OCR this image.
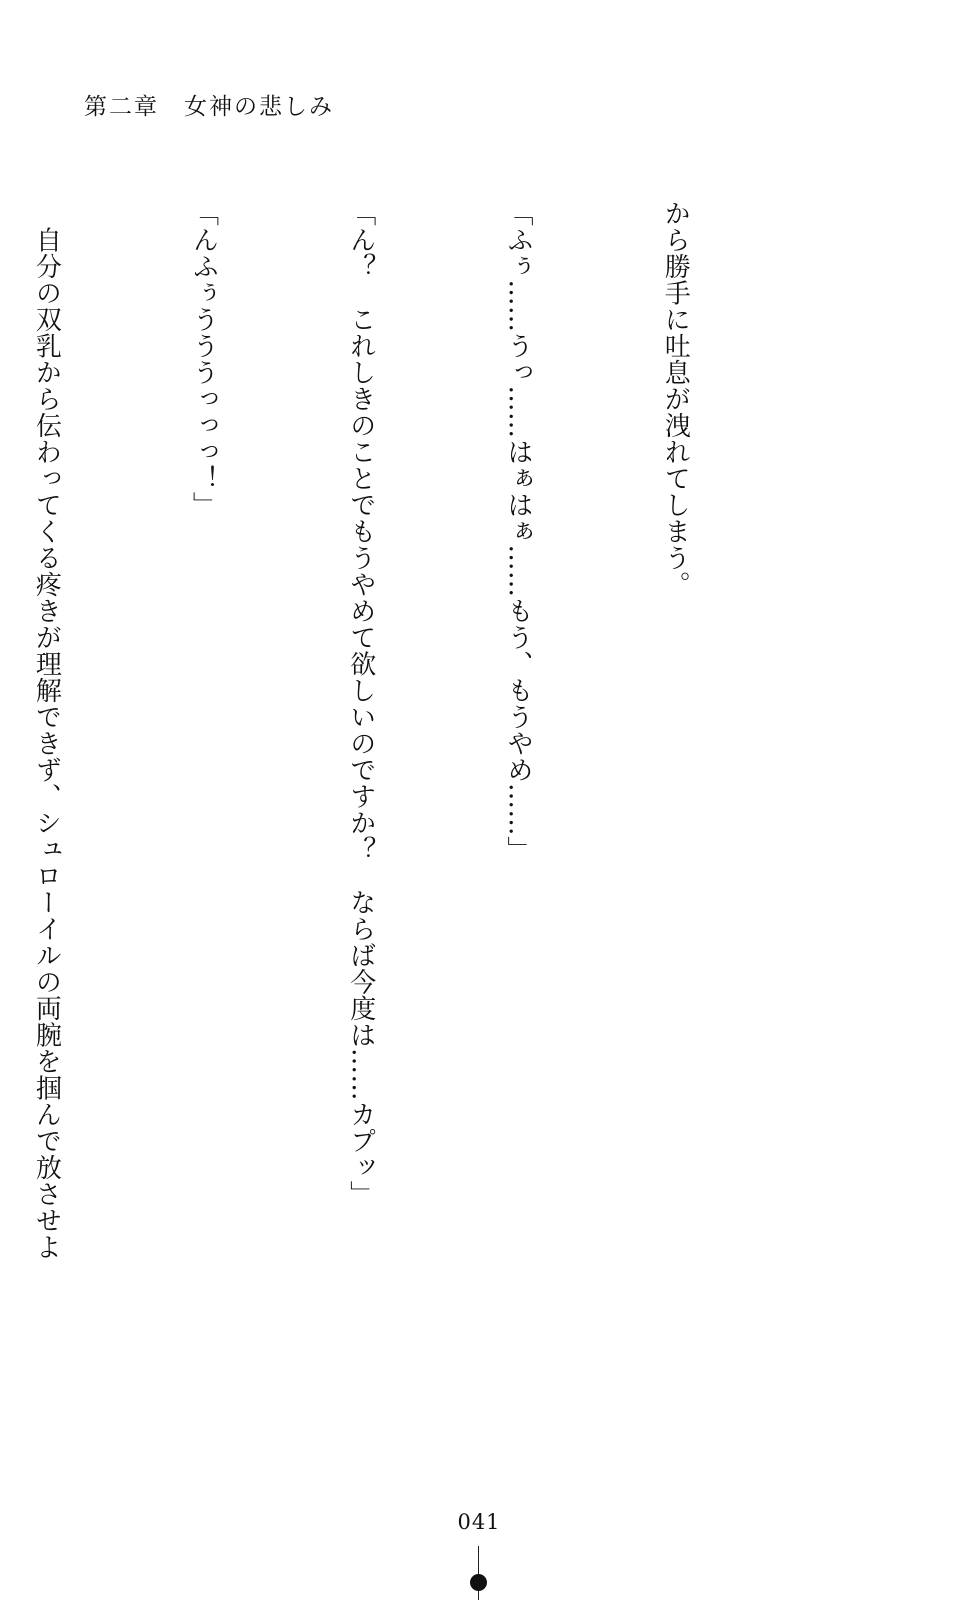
第二章　女神の悲しみ

から勝手に吐息が洩れてしまう。

「ふぅ……うっ……はぁはぁ……もう、もうやめ……」

「ん？　これしきのことでもうやめて欲しいのですか？　ならば今度は……カプッ」

「んふぅうううっっっ！」

　自分の双乳から伝わってくる疼きが理解できず、シュローイルの両腕を掴んで放させよ

041
